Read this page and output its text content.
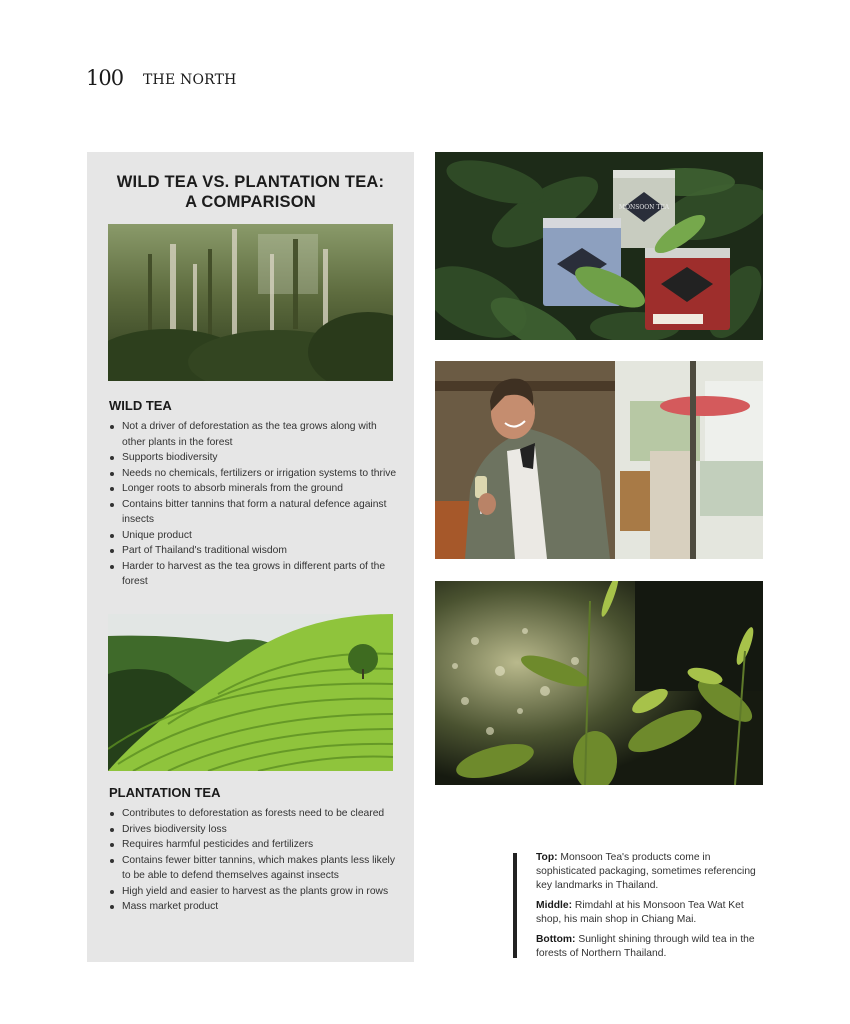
100 THE NORTH
WILD TEA VS. PLANTATION TEA:
A COMPARISON
WILD TEA
Not a driver of deforestation as the tea grows along with other plants in the forest
Supports biodiversity
Needs no chemicals, fertilizers or irrigation systems to thrive
Longer roots to absorb minerals from the ground
Contains bitter tannins that form a natural defence against insects
Unique product
Part of Thailand's traditional wisdom
Harder to harvest as the tea grows in different parts of the forest
PLANTATION TEA
Contributes to deforestation as forests need to be cleared
Drives biodiversity loss
Requires harmful pesticides and fertilizers
Contains fewer bitter tannins, which makes plants less likely to be able to defend themselves against insects
High yield and easier to harvest as the plants grow in rows
Mass market product
MONSOON TEA

Top: Monsoon Tea's products come in sophisticated packaging, sometimes referencing key landmarks in Thailand.

Middle: Rimdahl at his Monsoon Tea Wat Ket shop, his main shop in Chiang Mai.

Bottom: Sunlight shining through wild tea in the forests of Northern Thailand.
